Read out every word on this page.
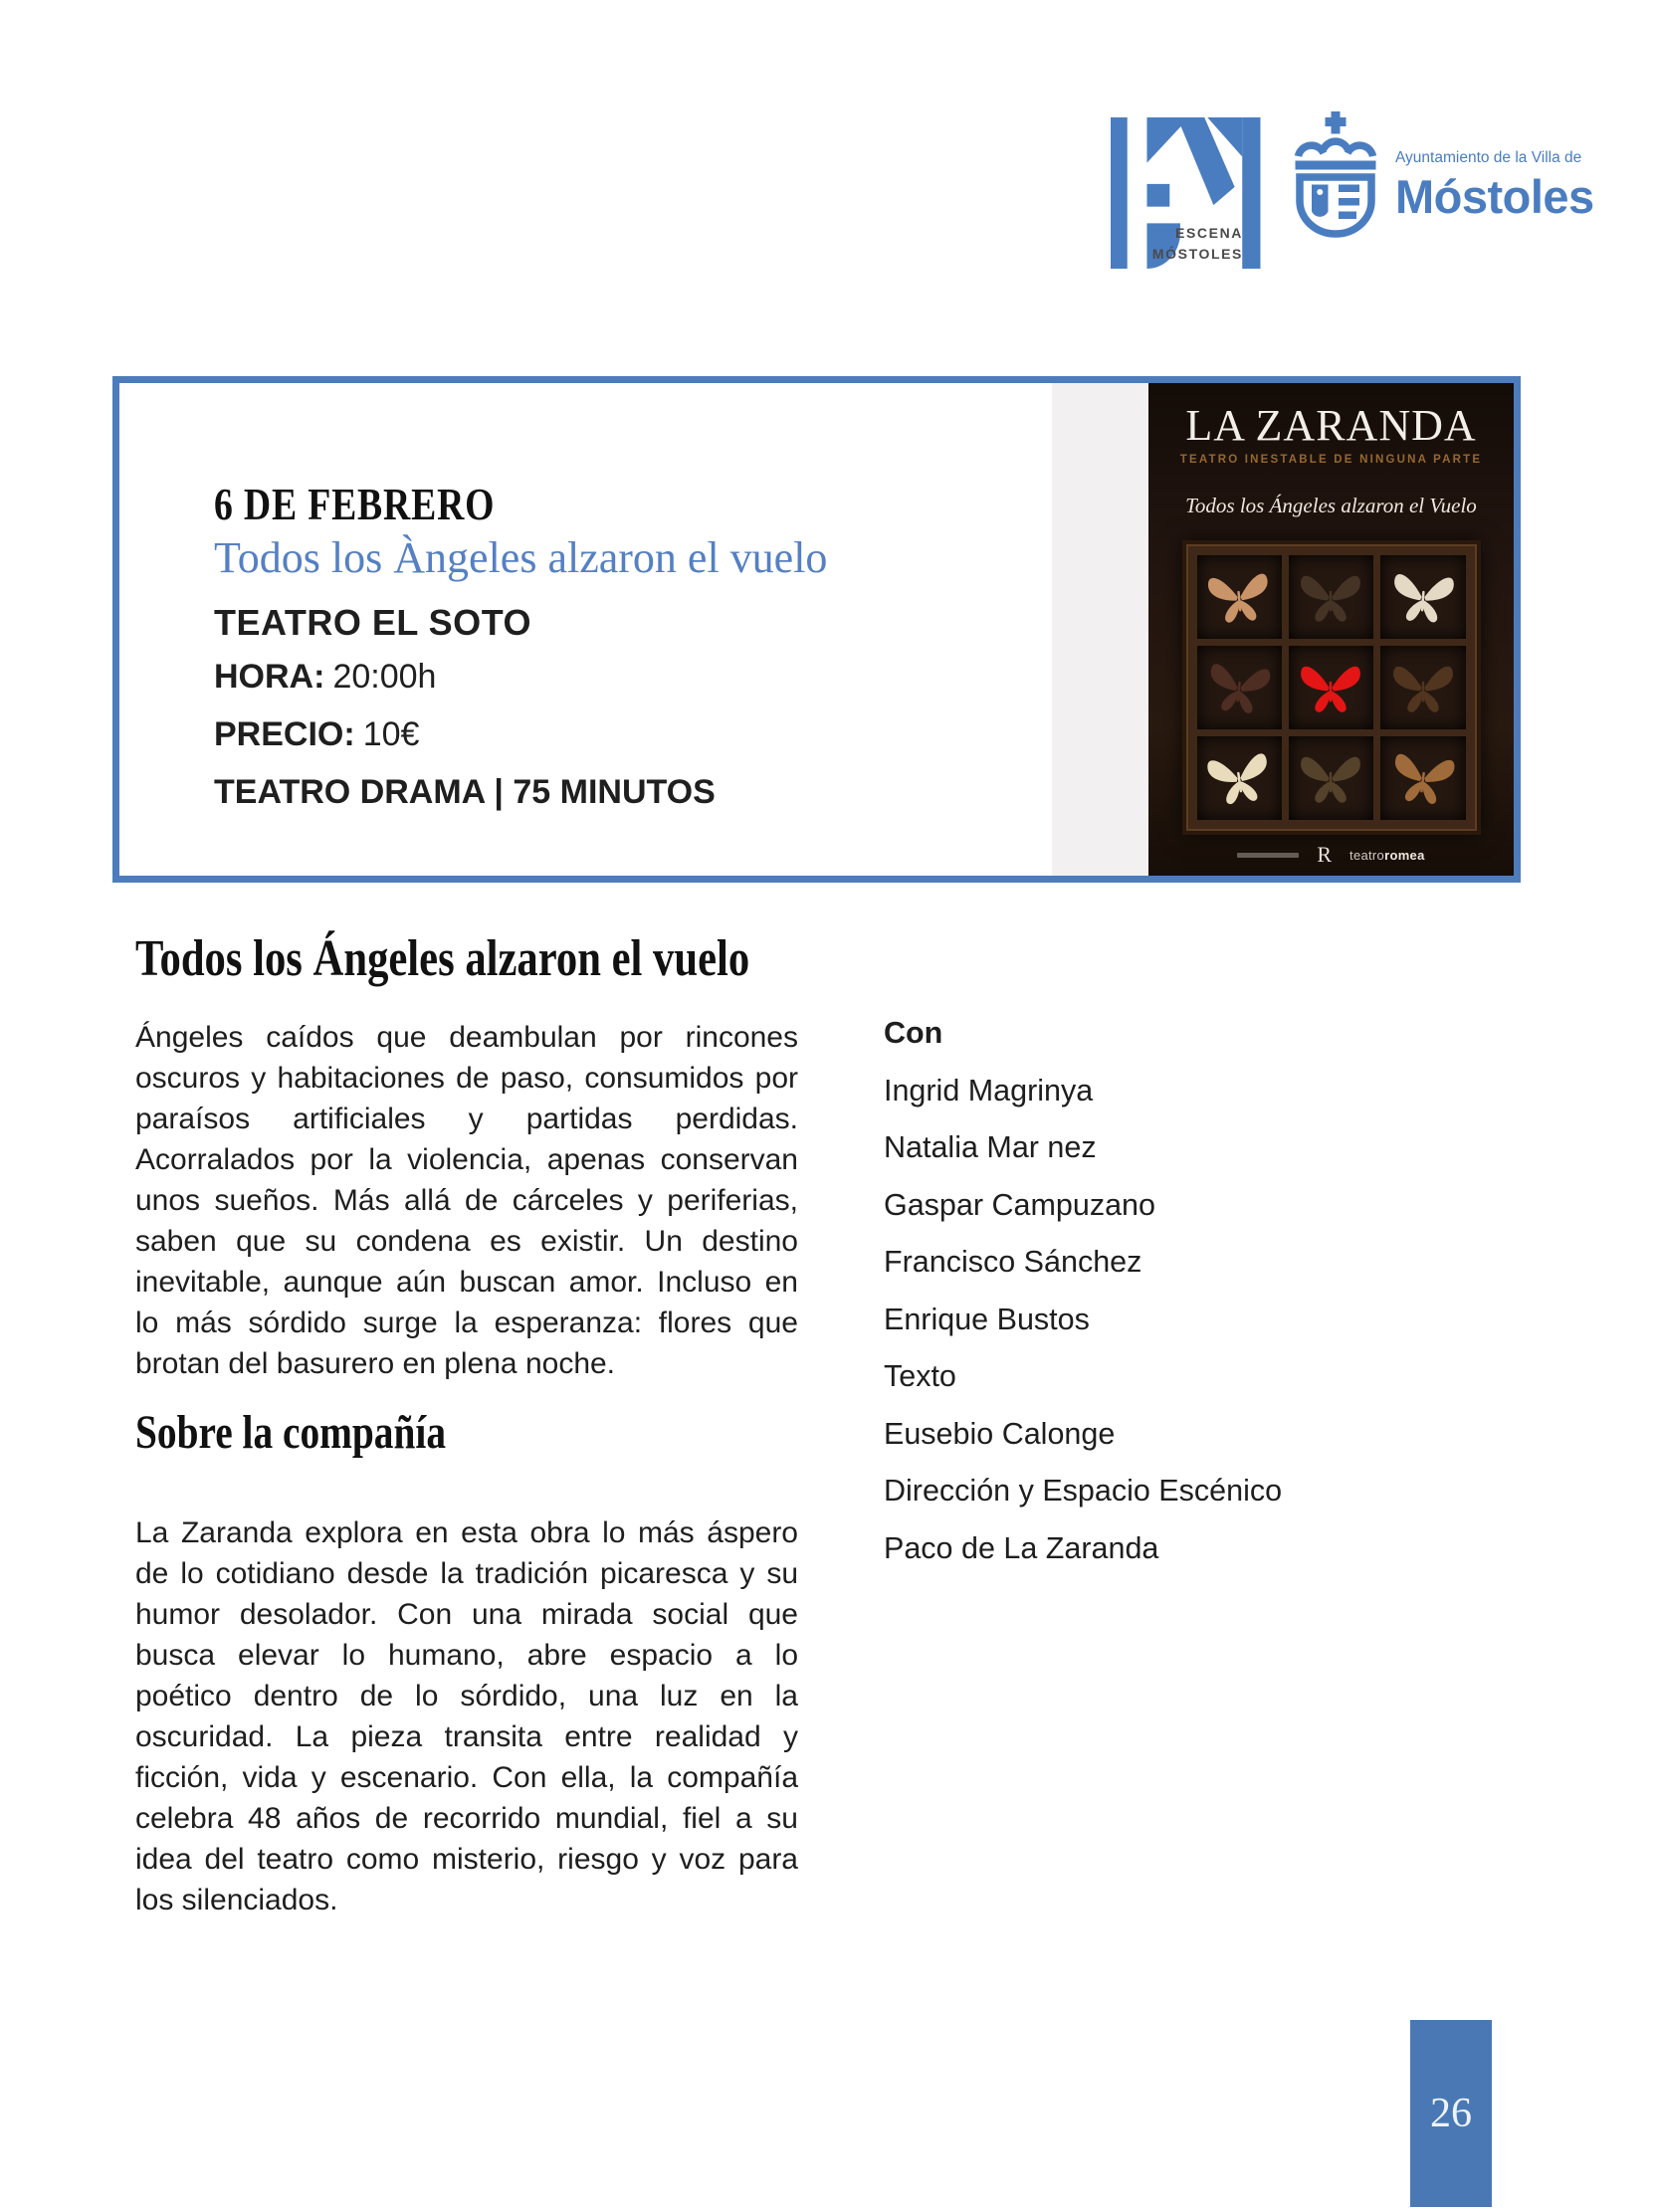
ESCENA
MÓSTOLES
Ayuntamiento de la Villa de
Móstoles
6 DE FEBRERO
Todos los Àngeles alzaron el vuelo
TEATRO EL SOTO
HORA: 20:00h
PRECIO: 10€
TEATRO DRAMA | 75 MINUTOS
LA ZARANDA
TEATRO INESTABLE DE NINGUNA PARTE
Todos los Ángeles alzaron el Vuelo
R teatroromea
Todos los Ángeles alzaron el vuelo

Ángeles caídos que deambulan por rincones oscuros y habitaciones de paso, consumidos por paraísos artificiales y partidas perdidas. Acorralados por la violencia, apenas conservan unos sueños. Más allá de cárceles y periferias, saben que su condena es existir. Un destino inevitable, aunque aún buscan amor. Incluso en lo más sórdido surge la esperanza: flores que brotan del basurero en plena noche.

Sobre la compañía

La Zaranda explora en esta obra lo más áspero de lo cotidiano desde la tradición picaresca y su humor desolador. Con una mirada social que busca elevar lo humano, abre espacio a lo poético dentro de lo sórdido, una luz en la oscuridad. La pieza transita entre realidad y ficción, vida y escenario. Con ella, la compañía celebra 48 años de recorrido mundial, fiel a su idea del teatro como misterio, riesgo y voz para los silenciados.

Con
Ingrid Magrinya
Natalia Mar nez
Gaspar Campuzano
Francisco Sánchez
Enrique Bustos
Texto
Eusebio Calonge
Dirección y Espacio Escénico
Paco de La Zaranda
26
